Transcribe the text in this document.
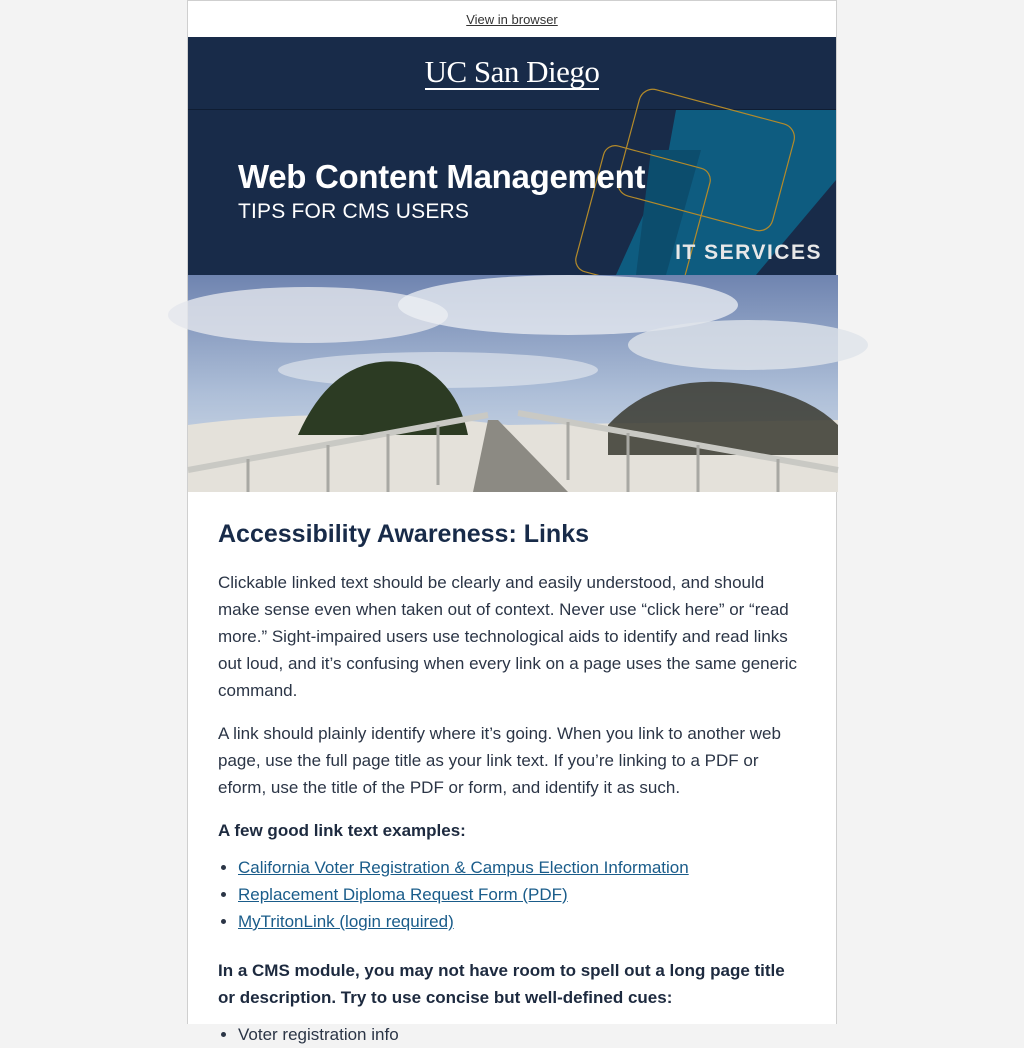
View in browser
UC San Diego
Web Content Management
TIPS FOR CMS USERS
IT SERVICES
Accessibility Awareness: Links

Clickable linked text should be clearly and easily understood, and should make sense even when taken out of context. Never use “click here” or “read more.” Sight-impaired users use technological aids to identify and read links out loud, and it’s confusing when every link on a page uses the same generic command.

A link should plainly identify where it’s going. When you link to another web page, use the full page title as your link text. If you’re linking to a PDF or eform, use the title of the PDF or form, and identify it as such.

A few good link text examples:

• California Voter Registration & Campus Election Information
• Replacement Diploma Request Form (PDF)
• MyTritonLink (login required)

In a CMS module, you may not have room to spell out a long page title or description. Try to use concise but well-defined cues:

• Voter registration info
